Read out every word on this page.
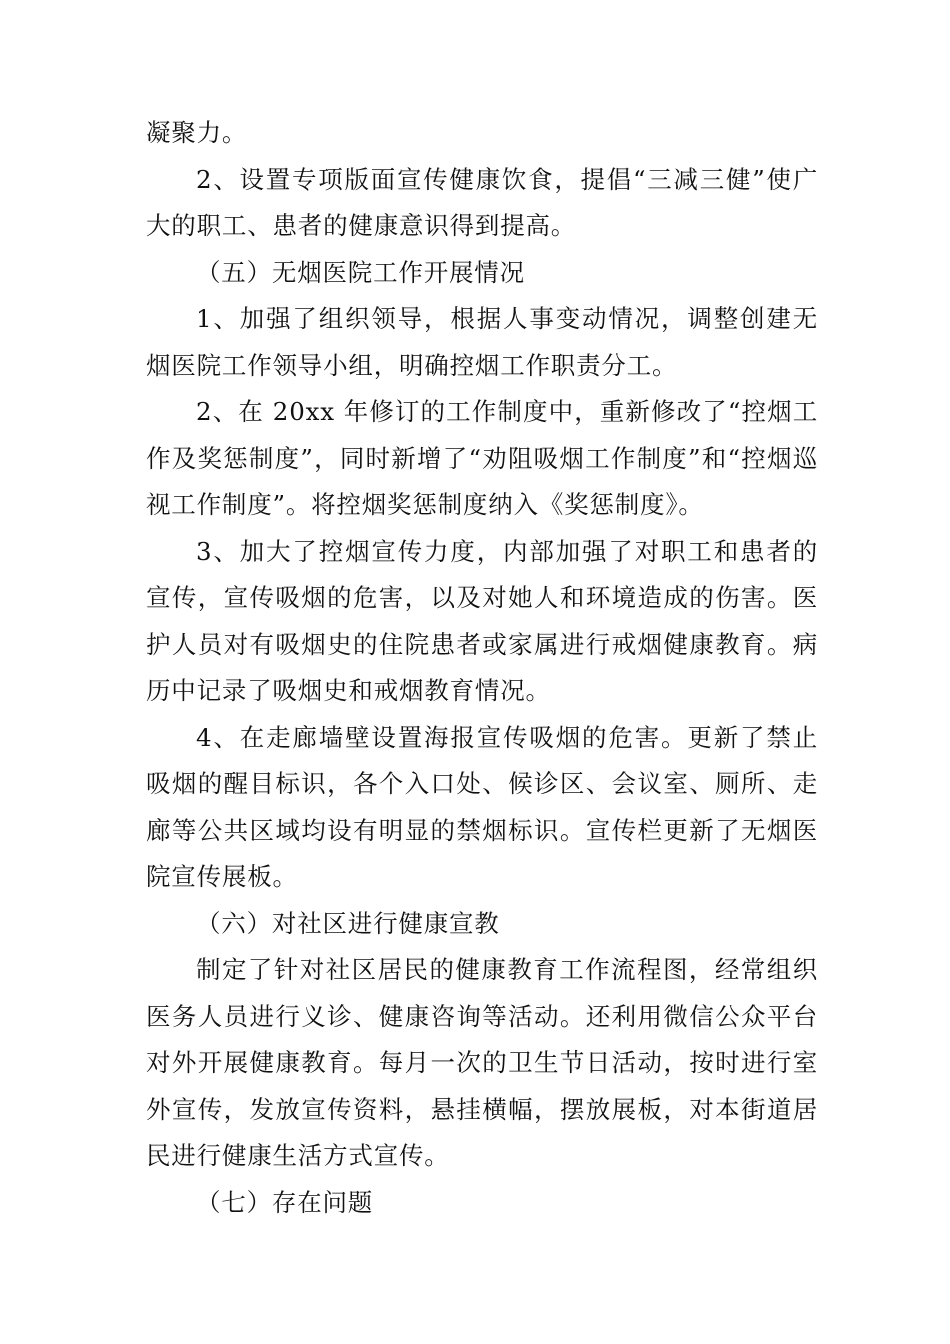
凝聚力。

2、设置专项版面宣传健康饮食，提倡“三减三健”使广大的职工、患者的健康意识得到提高。

（五）无烟医院工作开展情况

1、加强了组织领导，根据人事变动情况，调整创建无烟医院工作领导小组，明确控烟工作职责分工。

2、在 20xx 年修订的工作制度中，重新修改了“控烟工作及奖惩制度”，同时新增了“劝阻吸烟工作制度”和“控烟巡视工作制度”。将控烟奖惩制度纳入《奖惩制度》。

3、加大了控烟宣传力度，内部加强了对职工和患者的宣传，宣传吸烟的危害，以及对她人和环境造成的伤害。医护人员对有吸烟史的住院患者或家属进行戒烟健康教育。病历中记录了吸烟史和戒烟教育情况。

4、在走廊墙壁设置海报宣传吸烟的危害。更新了禁止吸烟的醒目标识，各个入口处、候诊区、会议室、厕所、走廊等公共区域均设有明显的禁烟标识。宣传栏更新了无烟医院宣传展板。

（六）对社区进行健康宣教

制定了针对社区居民的健康教育工作流程图，经常组织医务人员进行义诊、健康咨询等活动。还利用微信公众平台对外开展健康教育。每月一次的卫生节日活动，按时进行室外宣传，发放宣传资料，悬挂横幅，摆放展板，对本街道居民进行健康生活方式宣传。

（七）存在问题
